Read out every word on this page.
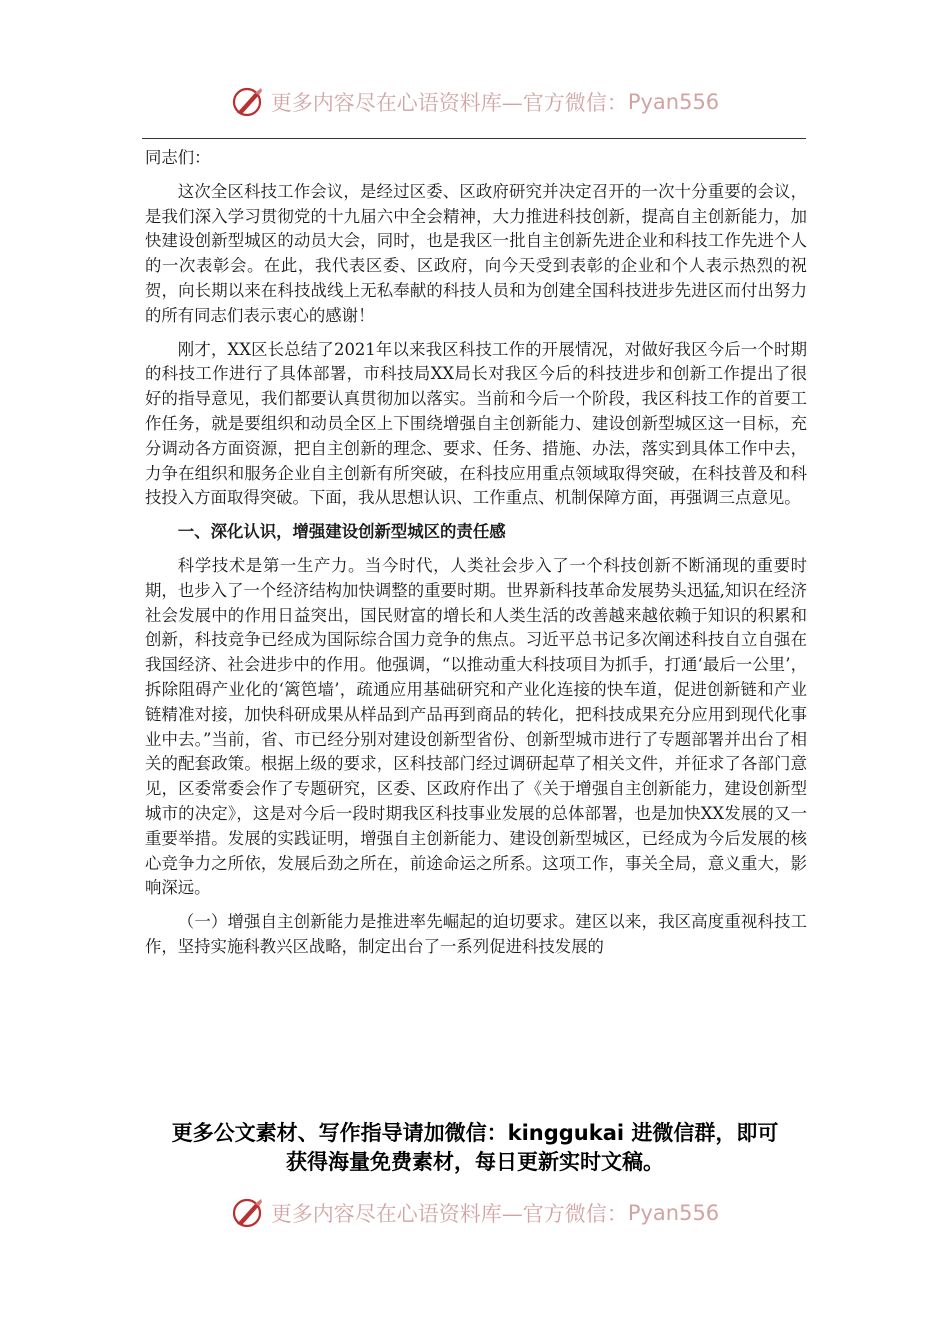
更多内容尽在心语资料库—官方微信： Pyan556

同志们：

这次全区科技工作会议，是经过区委、区政府研究并决定召开的一次十分重要的会议，是我们深入学习贯彻党的十九届六中全会精神，大力推进科技创新，提高自主创新能力，加快建设创新型城区的动员大会，同时，也是我区一批自主创新先进企业和科技工作先进个人的一次表彰会。在此，我代表区委、区政府，向今天受到表彰的企业和个人表示热烈的祝贺，向长期以来在科技战线上无私奉献的科技人员和为创建全国科技进步先进区而付出努力的所有同志们表示衷心的感谢！

刚才，XX区长总结了2021年以来我区科技工作的开展情况，对做好我区今后一个时期的科技工作进行了具体部署，市科技局XX局长对我区今后的科技进步和创新工作提出了很好的指导意见，我们都要认真贯彻加以落实。当前和今后一个阶段，我区科技工作的首要工作任务，就是要组织和动员全区上下围绕增强自主创新能力、建设创新型城区这一目标，充分调动各方面资源，把自主创新的理念、要求、任务、措施、办法，落实到具体工作中去，力争在组织和服务企业自主创新有所突破，在科技应用重点领域取得突破，在科技普及和科技投入方面取得突破。下面，我从思想认识、工作重点、机制保障方面，再强调三点意见。

一、深化认识，增强建设创新型城区的责任感

科学技术是第一生产力。当今时代，人类社会步入了一个科技创新不断涌现的重要时期，也步入了一个经济结构加快调整的重要时期。世界新科技革命发展势头迅猛,知识在经济社会发展中的作用日益突出，国民财富的增长和人类生活的改善越来越依赖于知识的积累和创新，科技竞争已经成为国际综合国力竞争的焦点。习近平总书记多次阐述科技自立自强在我国经济、社会进步中的作用。他强调，“以推动重大科技项目为抓手，打通‘最后一公里’，拆除阻碍产业化的‘篱笆墙’，疏通应用基础研究和产业化连接的快车道，促进创新链和产业链精准对接，加快科研成果从样品到产品再到商品的转化，把科技成果充分应用到现代化事业中去。”当前，省、市已经分别对建设创新型省份、创新型城市进行了专题部署并出台了相关的配套政策。根据上级的要求，区科技部门经过调研起草了相关文件，并征求了各部门意见，区委常委会作了专题研究，区委、区政府作出了《关于增强自主创新能力，建设创新型城市的决定》，这是对今后一段时期我区科技事业发展的总体部署，也是加快XX发展的又一重要举措。发展的实践证明，增强自主创新能力、建设创新型城区，已经成为今后发展的核心竞争力之所依，发展后劲之所在，前途命运之所系。这项工作，事关全局，意义重大，影响深远。

（一）增强自主创新能力是推进率先崛起的迫切要求。建区以来，我区高度重视科技工作，坚持实施科教兴区战略，制定出台了一系列促进科技发展的

更多公文素材、写作指导请加微信：kinggukai 进微信群，即可
获得海量免费素材，每日更新实时文稿。
更多内容尽在心语资料库—官方微信： Pyan556
